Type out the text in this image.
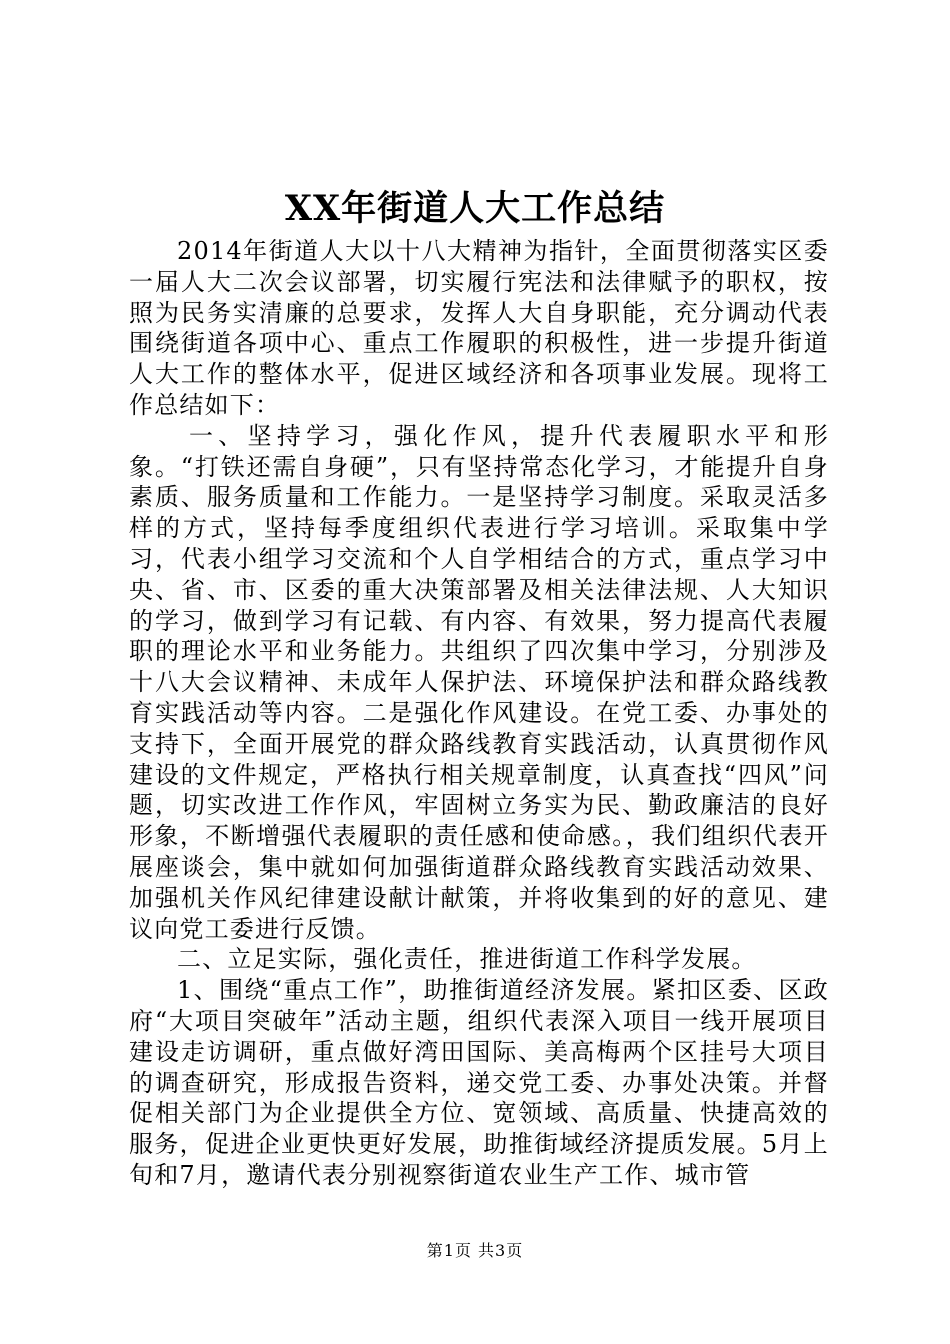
XX年街道人大工作总结

2014年街道人大以十八大精神为指针，全面贯彻落实区委一届人大二次会议部署，切实履行宪法和法律赋予的职权，按照为民务实清廉的总要求，发挥人大自身职能，充分调动代表围绕街道各项中心、重点工作履职的积极性，进一步提升街道人大工作的整体水平，促进区域经济和各项事业发展。现将工作总结如下：

一、坚持学习，强化作风，提升代表履职水平和形象。“打铁还需自身硬”，只有坚持常态化学习，才能提升自身素质、服务质量和工作能力。一是坚持学习制度。采取灵活多样的方式，坚持每季度组织代表进行学习培训。采取集中学习，代表小组学习交流和个人自学相结合的方式，重点学习中央、省、市、区委的重大决策部署及相关法律法规、人大知识的学习，做到学习有记载、有内容、有效果，努力提高代表履职的理论水平和业务能力。共组织了四次集中学习，分别涉及十八大会议精神、未成年人保护法、环境保护法和群众路线教育实践活动等内容。二是强化作风建设。在党工委、办事处的支持下，全面开展党的群众路线教育实践活动，认真贯彻作风建设的文件规定，严格执行相关规章制度，认真查找“四风”问题，切实改进工作作风，牢固树立务实为民、勤政廉洁的良好形象，不断增强代表履职的责任感和使命感。，我们组织代表开展座谈会，集中就如何加强街道群众路线教育实践活动效果、加强机关作风纪律建设献计献策，并将收集到的好的意见、建议向党工委进行反馈。

二、立足实际，强化责任，推进街道工作科学发展。

1、围绕“重点工作”，助推街道经济发展。紧扣区委、区政府“大项目突破年”活动主题，组织代表深入项目一线开展项目建设走访调研，重点做好湾田国际、美高梅两个区挂号大项目的调查研究，形成报告资料，递交党工委、办事处决策。并督促相关部门为企业提供全方位、宽领域、高质量、快捷高效的服务，促进企业更快更好发展，助推街域经济提质发展。5月上旬和7月，邀请代表分别视察街道农业生产工作、城市管

第1页 共3页
